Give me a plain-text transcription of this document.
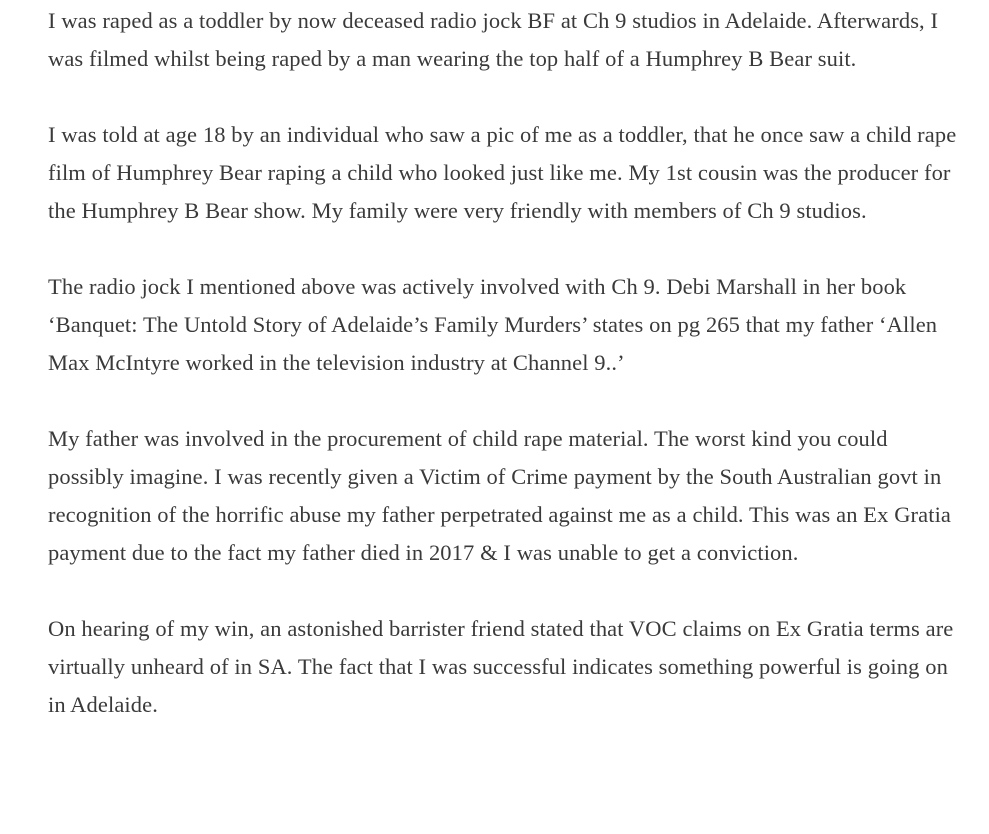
I was raped as a toddler by now deceased radio jock BF at Ch 9 studios in Adelaide. Afterwards, I was filmed whilst being raped by a man wearing the top half of a Humphrey B Bear suit.

I was told at age 18 by an individual who saw a pic of me as a toddler, that he once saw a child rape film of Humphrey Bear raping a child who looked just like me. My 1st cousin was the producer for the Humphrey B Bear show. My family were very friendly with members of Ch 9 studios.

The radio jock I mentioned above was actively involved with Ch 9. Debi Marshall in her book ‘Banquet: The Untold Story of Adelaide’s Family Murders’ states on pg 265 that my father ‘Allen Max McIntyre worked in the television industry at Channel 9..’

My father was involved in the procurement of child rape material. The worst kind you could possibly imagine. I was recently given a Victim of Crime payment by the South Australian govt in recognition of the horrific abuse my father perpetrated against me as a child. This was an Ex Gratia payment due to the fact my father died in 2017 & I was unable to get a conviction.

On hearing of my win, an astonished barrister friend stated that VOC claims on Ex Gratia terms are virtually unheard of in SA. The fact that I was successful indicates something powerful is going on in Adelaide.
